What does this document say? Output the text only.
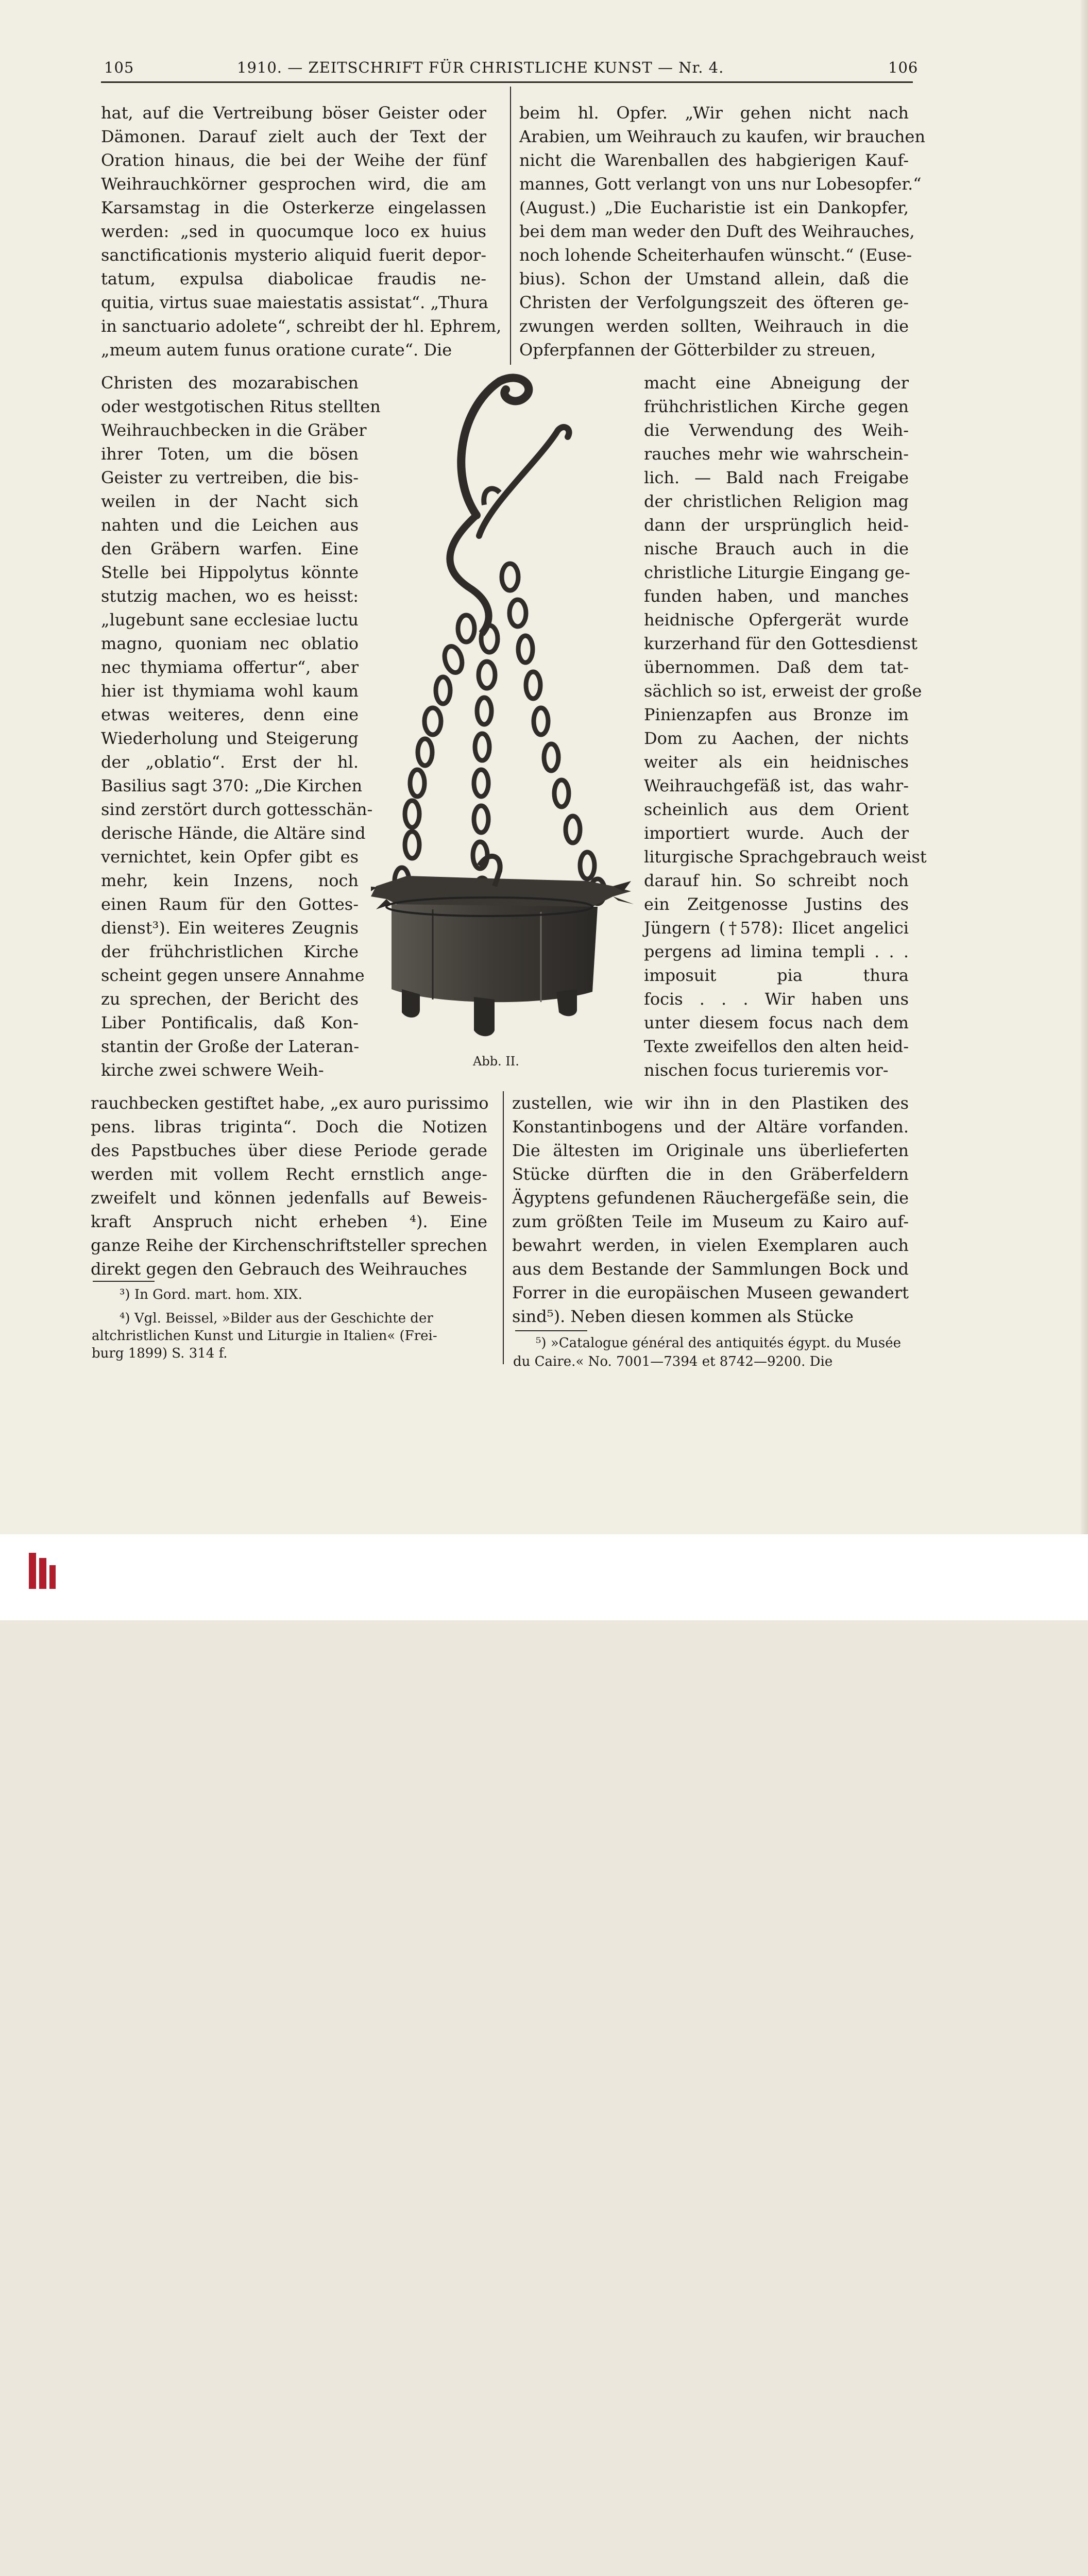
105	1910. — ZEITSCHRIFT FÜR CHRISTLICHE KUNST — Nr. 4.	106
hat, auf die Vertreibung böser Geister oder
Dämonen. Darauf zielt auch der Text der
Oration hinaus, die bei der Weihe der fünf
Weihrauchkörner gesprochen wird, die am
Karsamstag in die Osterkerze eingelassen
werden: „sed in quocumque loco ex huius
sanctificationis mysterio aliquid fuerit depor-
tatum, expulsa diabolicae fraudis ne-
quitia, virtus suae maiestatis assistat“. „Thura
in sanctuario adolete“, schreibt der hl. Ephrem,
„meum autem funus oratione curate“. Die
beim hl. Opfer. „Wir gehen nicht nach
Arabien, um Weihrauch zu kaufen, wir brauchen
nicht die Warenballen des habgierigen Kauf-
mannes, Gott verlangt von uns nur Lobesopfer.“
(August.) „Die Eucharistie ist ein Dankopfer,
bei dem man weder den Duft des Weihrauches,
noch lohende Scheiterhaufen wünscht.“ (Euse-
bius). Schon der Umstand allein, daß die
Christen der Verfolgungszeit des öfteren ge-
zwungen werden sollten, Weihrauch in die
Opferpfannen der Götterbilder zu streuen,
Christen des mozarabischen
oder westgotischen Ritus stellten
Weihrauchbecken in die Gräber
ihrer Toten, um die bösen
Geister zu vertreiben, die bis-
weilen in der Nacht sich
nahten und die Leichen aus
den Gräbern warfen. Eine
Stelle bei Hippolytus könnte
stutzig machen, wo es heisst:
„lugebunt sane ecclesiae luctu
magno, quoniam nec oblatio
nec thymiama offertur“, aber
hier ist thymiama wohl kaum
etwas weiteres, denn eine
Wiederholung und Steigerung
der „oblatio“. Erst der hl.
Basilius sagt 370: „Die Kirchen
sind zerstört durch gottesschän-
derische Hände, die Altäre sind
vernichtet, kein Opfer gibt es
mehr, kein Inzens, noch
einen Raum für den Gottes-
dienst³). Ein weiteres Zeugnis
der frühchristlichen Kirche
scheint gegen unsere Annahme
zu sprechen, der Bericht des
Liber Pontificalis, daß Kon-
stantin der Große der Lateran-
kirche zwei schwere Weih-
macht eine Abneigung der
frühchristlichen Kirche gegen
die Verwendung des Weih-
rauches mehr wie wahrschein-
lich. — Bald nach Freigabe
der christlichen Religion mag
dann der ursprünglich heid-
nische Brauch auch in die
christliche Liturgie Eingang ge-
funden haben, und manches
heidnische Opfergerät wurde
kurzerhand für den Gottesdienst
übernommen. Daß dem tat-
sächlich so ist, erweist der große
Pinienzapfen aus Bronze im
Dom zu Aachen, der nichts
weiter als ein heidnisches
Weihrauchgefäß ist, das wahr-
scheinlich aus dem Orient
importiert wurde. Auch der
liturgische Sprachgebrauch weist
darauf hin. So schreibt noch
ein Zeitgenosse Justins des
Jüngern (†578): Ilicet angelici
pergens ad limina templi . . .
imposuit pia thura
focis . . . Wir haben uns
unter diesem focus nach dem
Texte zweifellos den alten heid-
nischen focus turieremis vor-
rauchbecken gestiftet habe, „ex auro purissimo
pens. libras triginta“. Doch die Notizen
des Papstbuches über diese Periode gerade
werden mit vollem Recht ernstlich ange-
zweifelt und können jedenfalls auf Beweis-
kraft Anspruch nicht erheben ⁴). Eine
ganze Reihe der Kirchenschriftsteller sprechen
direkt gegen den Gebrauch des Weihrauches
zustellen, wie wir ihn in den Plastiken des
Konstantinbogens und der Altäre vorfanden.
Die ältesten im Originale uns überlieferten
Stücke dürften die in den Gräberfeldern
Ägyptens gefundenen Räuchergefäße sein, die
zum größten Teile im Museum zu Kairo auf-
bewahrt werden, in vielen Exemplaren auch
aus dem Bestande der Sammlungen Bock und
Forrer in die europäischen Museen gewandert
sind⁵). Neben diesen kommen als Stücke
³) In Gord. mart. hom. XIX.
⁴) Vgl. Beissel, »Bilder aus der Geschichte der
altchristlichen Kunst und Liturgie in Italien« (Frei-
burg 1899) S. 314 f.
⁵) »Catalogue général des antiquités égypt. du Musée
du Caire.« No. 7001—7394 et 8742—9200. Die
Abb. II.
